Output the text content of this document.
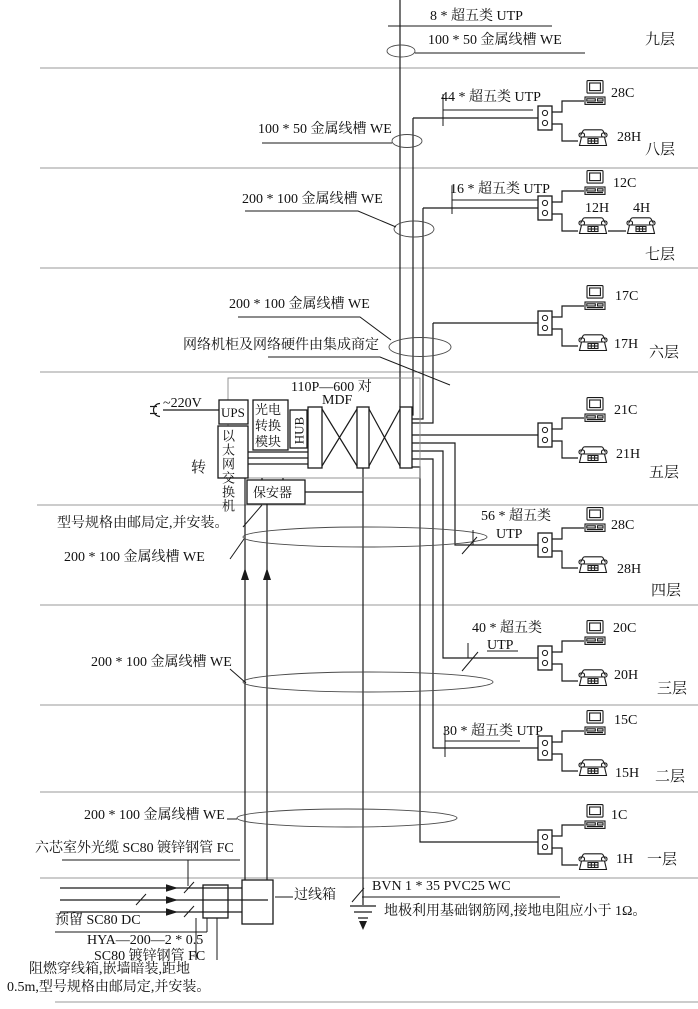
8 * 超五类 UTP
100 * 50 金属线槽 WE	九层
100 * 50 金属线槽 WE
44 * 超五类 UTP	28C
28H
八层
200 * 100 金属线槽 WE
16 * 超五类 UTP	12C
12H 4H
七层
200 * 100 金属线槽 WE
网络机柜及网络硬件由集成商定
17C
17H
六层
110P—600 对
MDF
~220V
UPS
以太网交换机
光电转换模块 HUB
转
保安器
21C
21H
五层
型号规格由邮局定,并安装。
200 * 100 金属线槽 WE
56 * 超五类
UTP
28C
28H
四层
200 * 100 金属线槽 WE
40 * 超五类
UTP
20C
20H
三层
30 * 超五类 UTP
15C
15H 二层
200 * 100 金属线槽 WE	1C
1H 一层
六芯室外光缆 SC80 镀锌钢管 FC
过线箱
BVN 1 * 35 PVC25 WC
预留 SC80 DC
HYA—200—2 * 0.5
SC80 镀锌钢管 FC
地极利用基础钢筋网,接地电阻应小于 1Ω。
阻燃穿线箱,嵌墙暗装,距地
0.5m,型号规格由邮局定,并安装。
